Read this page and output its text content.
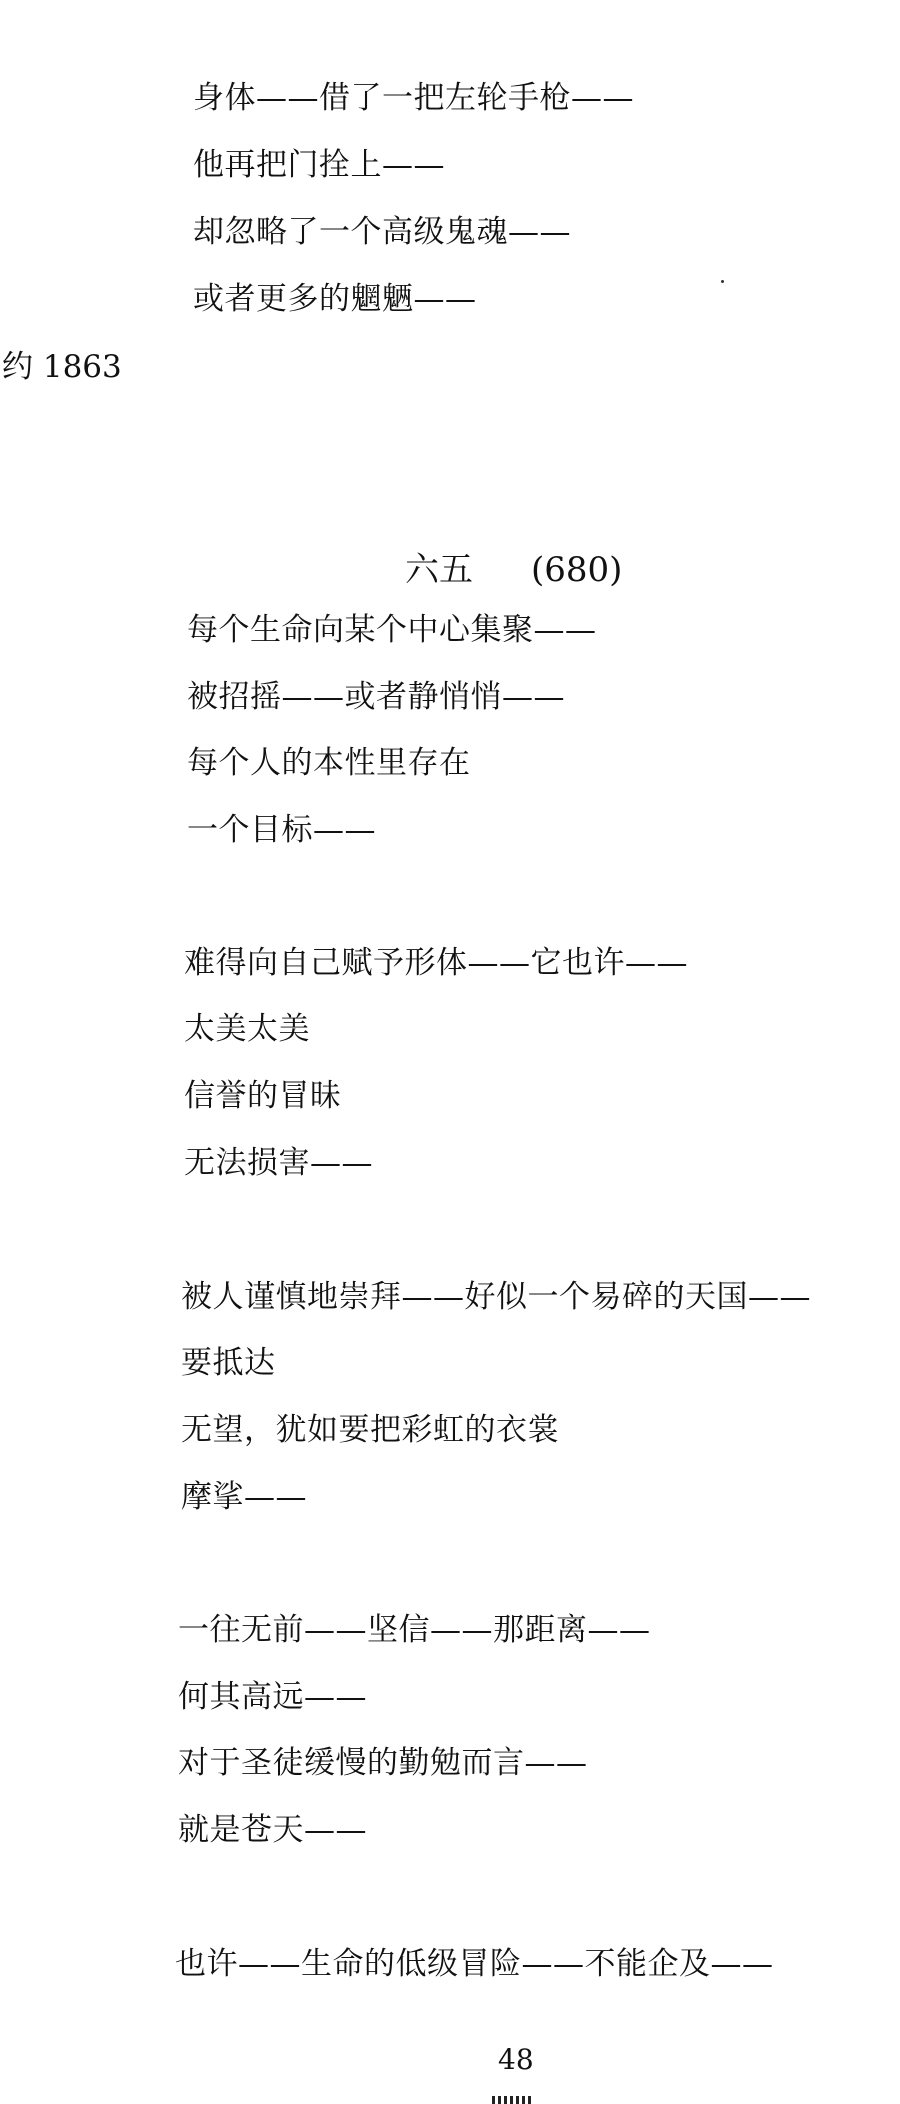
身体——借了一把左轮手枪——
他再把门拴上——
却忽略了一个高级鬼魂——
或者更多的魍魉——
约 1863
六五 (680)
每个生命向某个中心集聚——
被招摇——或者静悄悄——
每个人的本性里存在
一个目标——
难得向自己赋予形体——它也许——
太美太美
信誉的冒昧
无法损害——
被人谨慎地崇拜——好似一个易碎的天国——
要抵达
无望，犹如要把彩虹的衣裳
摩挲——
一往无前——坚信——那距离——
何其高远——
对于圣徒缓慢的勤勉而言——
就是苍天——
也许——生命的低级冒险——不能企及——
48
